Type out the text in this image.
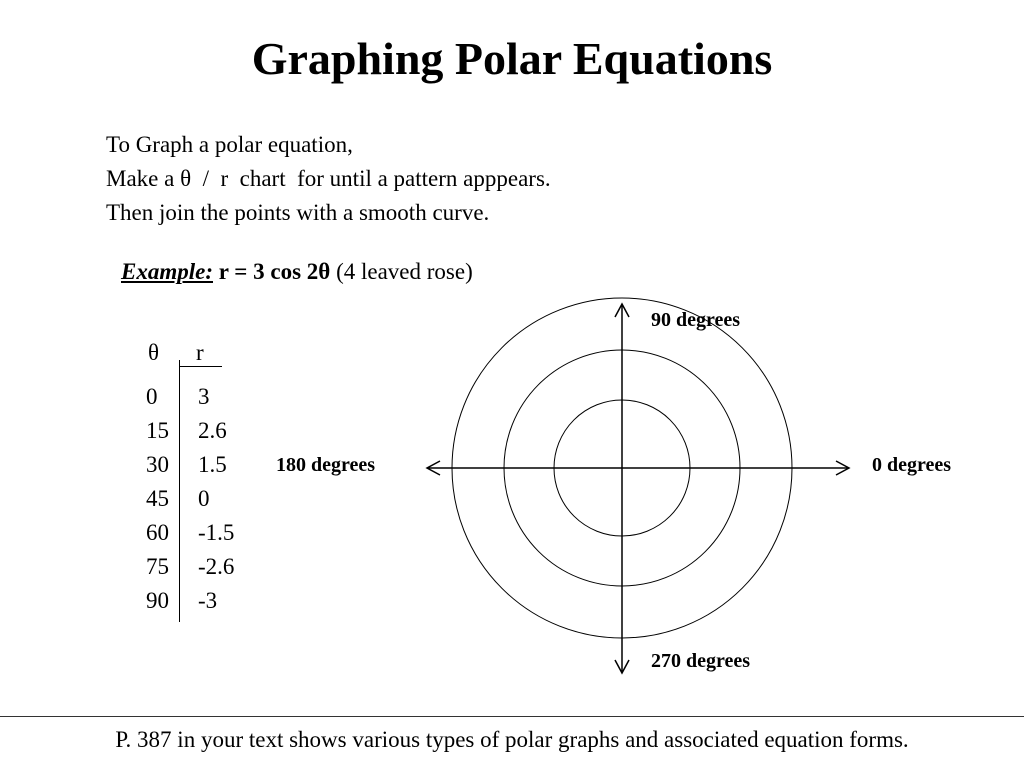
Graphing Polar Equations
To Graph a polar equation,
Make a θ  /  r  chart  for until a pattern apppears.
Then join the points with a smooth curve.
Example: r = 3 cos 2θ (4 leaved rose)
θ r
0 3
15 2.6
30 1.5
45 0
60 -1.5
75 -2.6
90 -3
90 degrees
180 degrees	0 degrees
270 degrees
P. 387 in your text shows various types of polar graphs and associated equation forms.
